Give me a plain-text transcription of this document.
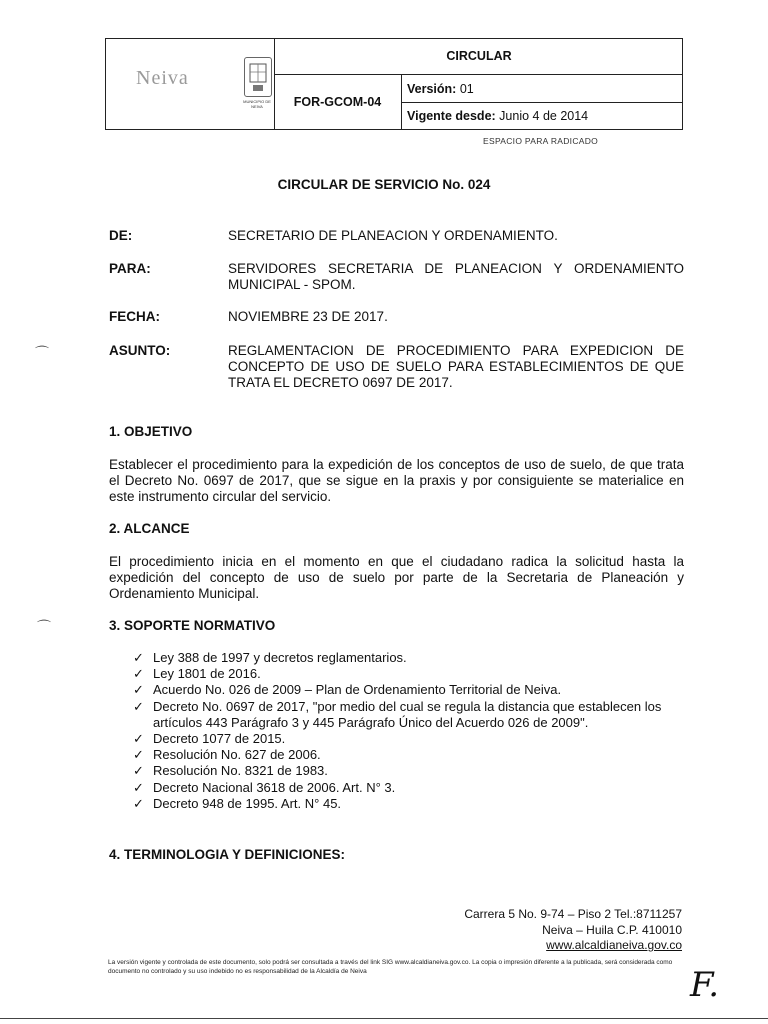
Neiva
MUNICIPIO DE NEIVA
CIRCULAR
FOR-GCOM-04
Versión: 01
Vigente desde: Junio 4 de 2014
ESPACIO PARA RADICADO
CIRCULAR DE SERVICIO No. 024
DE:	SECRETARIO DE PLANEACION Y ORDENAMIENTO.
PARA:	SERVIDORES SECRETARIA DE PLANEACION Y ORDENAMIENTO MUNICIPAL - SPOM.
FECHA:	NOVIEMBRE 23 DE 2017.
⌒	ASUNTO:	REGLAMENTACION DE PROCEDIMIENTO PARA EXPEDICION DE CONCEPTO DE USO DE SUELO PARA ESTABLECIMIENTOS DE QUE TRATA EL DECRETO 0697 DE 2017.
1. OBJETIVO
Establecer el procedimiento para la expedición de los conceptos de uso de suelo, de que trata el Decreto No. 0697 de 2017, que se sigue en la praxis y por consiguiente se materialice en este instrumento circular del servicio.
2. ALCANCE
El procedimiento inicia en el momento en que el ciudadano radica la solicitud hasta la expedición del concepto de uso de suelo por parte de la Secretaria de Planeación y Ordenamiento Municipal.
⌒	3. SOPORTE NORMATIVO
✓ Ley 388 de 1997 y decretos reglamentarios.
✓ Ley 1801 de 2016.
✓ Acuerdo No. 026 de 2009 – Plan de Ordenamiento Territorial de Neiva.
✓ Decreto No. 0697 de 2017, "por medio del cual se regula la distancia que establecen los artículos 443 Parágrafo 3 y 445 Parágrafo Único del Acuerdo 026 de 2009".
✓ Decreto 1077 de 2015.
✓ Resolución No. 627 de 2006.
✓ Resolución No. 8321 de 1983.
✓ Decreto Nacional 3618 de 2006. Art. N° 3.
✓ Decreto 948 de 1995. Art. N° 45.
4. TERMINOLOGIA Y DEFINICIONES:
Carrera 5 No. 9-74 – Piso 2 Tel.:8711257
Neiva – Huila C.P. 410010
www.alcaldianeiva.gov.co
La versión vigente y controlada de este documento, solo podrá ser consultada a través del link SIG www.alcaldianeiva.gov.co. La copia o impresión diferente a la publicada, será considerada como documento no controlado y su uso indebido no es responsabilidad de la Alcaldía de Neiva	F.
